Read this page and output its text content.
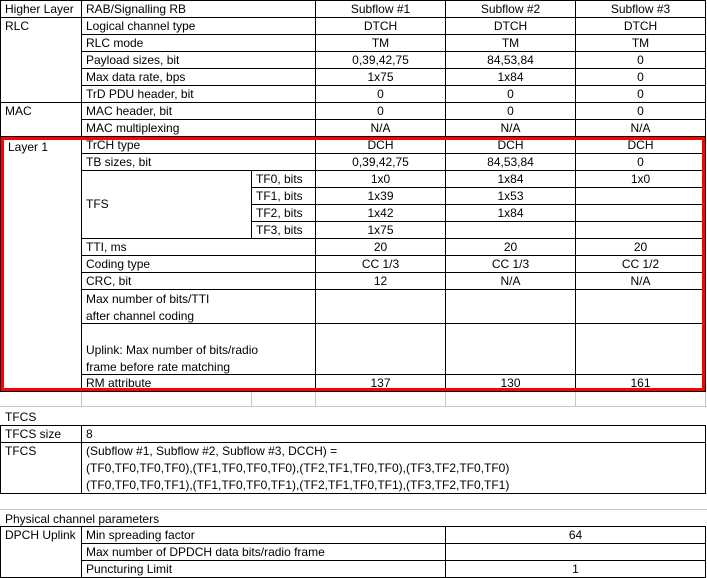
Higher Layer	RAB/Signalling RB	Subflow #1	Subflow #2	Subflow #3
RLC	Logical channel type	DTCH	DTCH	DTCH
RLC mode	TM	TM	TM
Payload sizes, bit	0,39,42,75	84,53,84	0
Max data rate, bps	1x75	1x84	0
TrD PDU header, bit	0	0	0
MAC	MAC header, bit	0	0	0
MAC multiplexing	N/A	N/A	N/A
Layer 1	TrCH type	DCH	DCH	DCH
TB sizes, bit	0,39,42,75	84,53,84	0
TFS
TF0, bits	1x0	1x84	1x0
TF1, bits	1x39	1x53
TF2, bits	1x42	1x84
TF3, bits	1x75
TTI, ms	20	20	20
Coding type	CC 1/3	CC 1/3	CC 1/2
CRC, bit	12	N/A	N/A
Max number of bits/TTI after channel coding
Uplink: Max number of bits/radio frame before rate matching
RM attribute	137	130	161
TFCS
TFCS size	8
TFCS	(Subflow #1, Subflow #2, Subflow #3, DCCH) =
(TF0,TF0,TF0,TF0),(TF1,TF0,TF0,TF0),(TF2,TF1,TF0,TF0),(TF3,TF2,TF0,TF0)
(TF0,TF0,TF0,TF1),(TF1,TF0,TF0,TF1),(TF2,TF1,TF0,TF1),(TF3,TF2,TF0,TF1)
Physical channel parameters
DPCH Uplink Min spreading factor	64
Max number of DPDCH data bits/radio frame
Puncturing Limit	1
